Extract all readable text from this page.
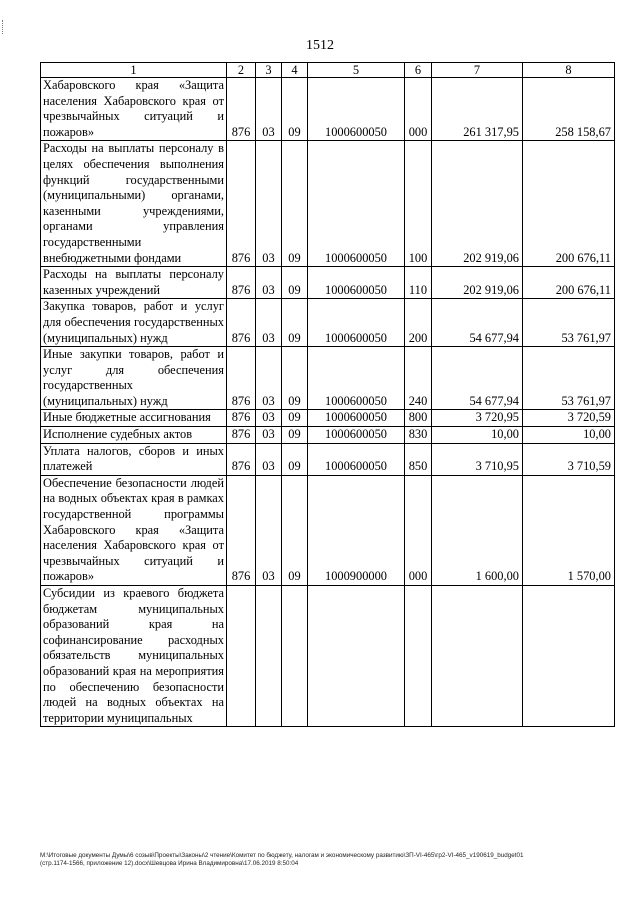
1512
1	2	3	4	5	6	7	8
Хабаровского края «Защита населения Хабаровского края от чрезвычайных ситуаций и пожаров»	876	03	09	1000600050	000	261 317,95	258 158,67
Расходы на выплаты персоналу в целях обеспечения выполнения функций государственными (муниципальными) органами, казенными учреждениями, органами управления государственными внебюджетными фондами	876	03	09	1000600050	100	202 919,06	200 676,11
Расходы на выплаты персоналу казенных учреждений	876	03	09	1000600050	110	202 919,06	200 676,11
Закупка товаров, работ и услуг для обеспечения государственных (муниципальных) нужд	876	03	09	1000600050	200	54 677,94	53 761,97
Иные закупки товаров, работ и услуг для обеспечения государственных (муниципальных) нужд	876	03	09	1000600050	240	54 677,94	53 761,97
Иные бюджетные ассигнования	876	03	09	1000600050	800	3 720,95	3 720,59
Исполнение судебных актов	876	03	09	1000600050	830	10,00	10,00
Уплата налогов, сборов и иных платежей	876	03	09	1000600050	850	3 710,95	3 710,59
Обеспечение безопасности людей на водных объектах края в рамках государственной программы Хабаровского края «Защита населения Хабаровского края от чрезвычайных ситуаций и пожаров»	876	03	09	1000900000	000	1 600,00	1 570,00
Субсидии из краевого бюджета бюджетам муниципальных образований края на софинансирование расходных обязательств муниципальных образований края на мероприятия по обеспечению безопасности людей на водных объектах на территории муниципальных							
M:\Итоговые документы Думы\6 созыв\Проекты\Законы\2 чтение\Комитет по бюджету, налогам и экономическому развитию\ЗП-VI-465\гр2-VI-465_v190619_budget01
(стр.1174-1566, приложение 12).docx\Шевцова Ирина Владимировна\17.06.2019 8:50:04
